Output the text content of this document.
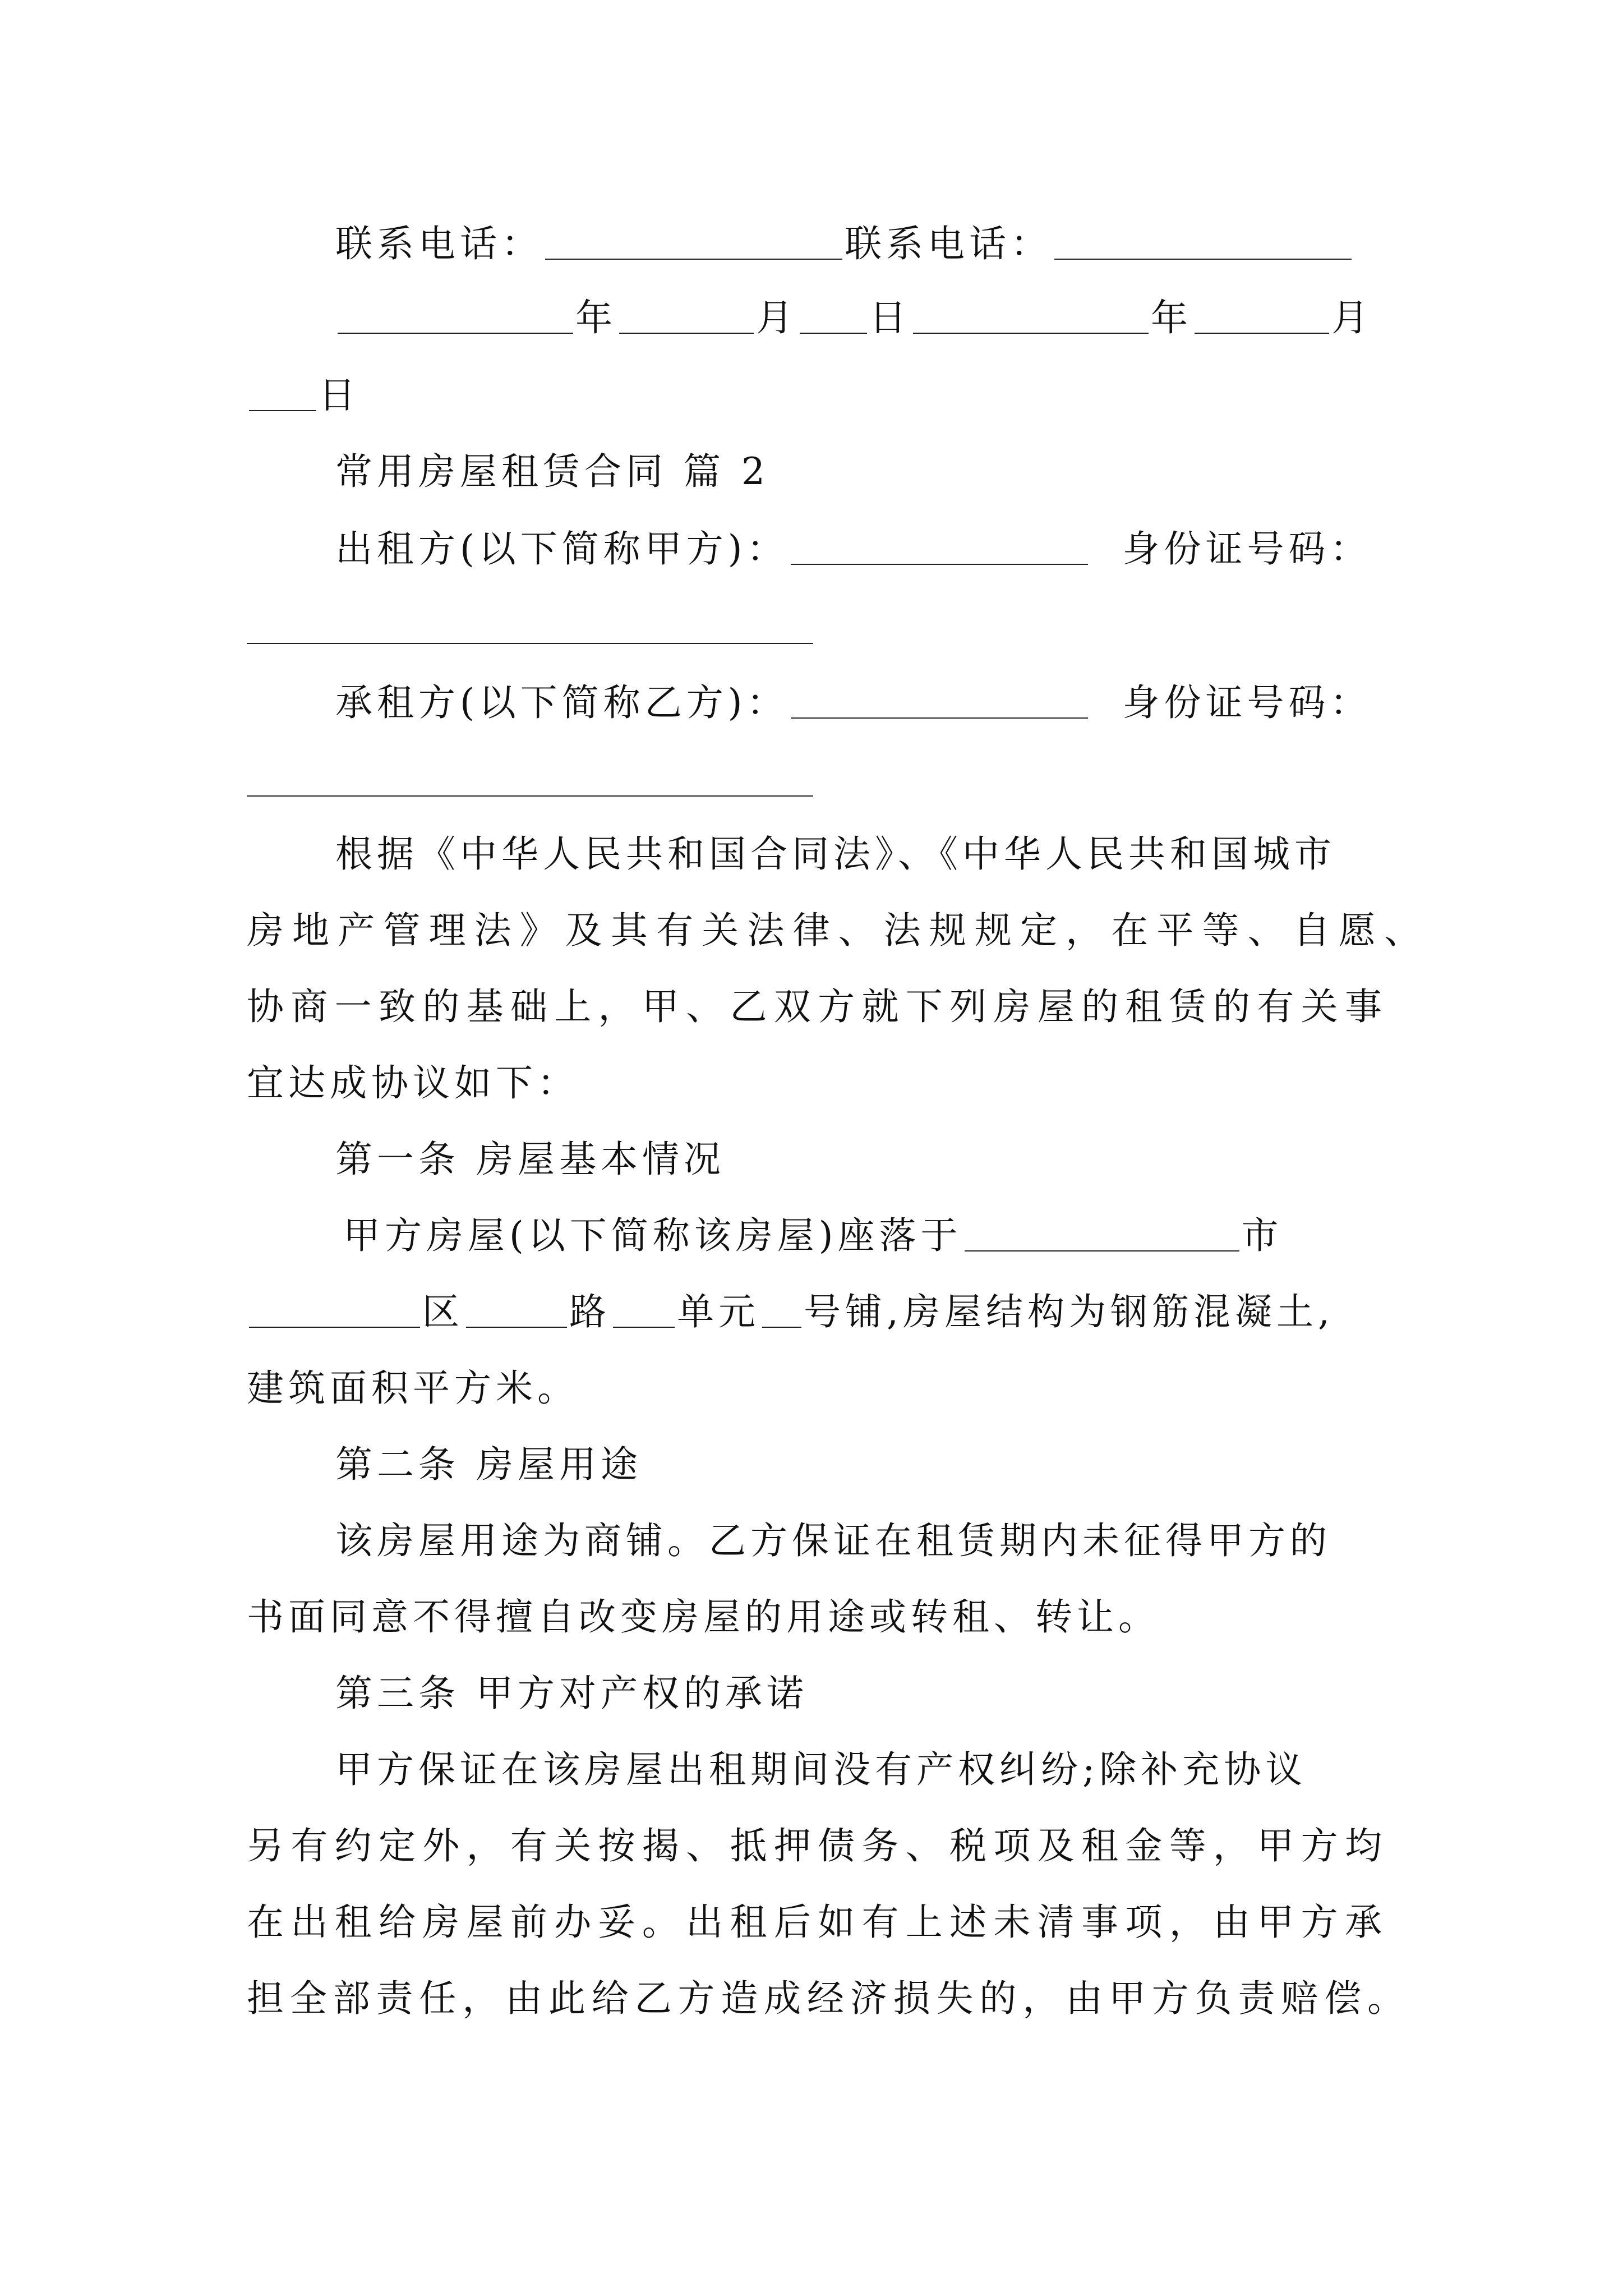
联系电话：	联系电话：
年	月 日	年	月
日
常用房屋租赁合同 篇 2
出租方(以下简称甲方)：	身份证号码：
承租方(以下简称乙方)：	身份证号码：
根据《中华人民共和国合同法》、《中华人民共和国城市
房地产管理法》及其有关法律、法规规定，在平等、自愿、
协商一致的基础上，甲、乙双方就下列房屋的租赁的有关事
宜达成协议如下：
第一条 房屋基本情况
甲方房屋(以下简称该房屋)座落于	市
区	路 单元 号铺,房屋结构为钢筋混凝土,
建筑面积平方米。
第二条 房屋用途
该房屋用途为商铺。乙方保证在租赁期内未征得甲方的
书面同意不得擅自改变房屋的用途或转租、转让。
第三条 甲方对产权的承诺
甲方保证在该房屋出租期间没有产权纠纷;除补充协议
另有约定外，有关按揭、抵押债务、税项及租金等，甲方均
在出租给房屋前办妥。出租后如有上述未清事项，由甲方承
担全部责任，由此给乙方造成经济损失的，由甲方负责赔偿。
